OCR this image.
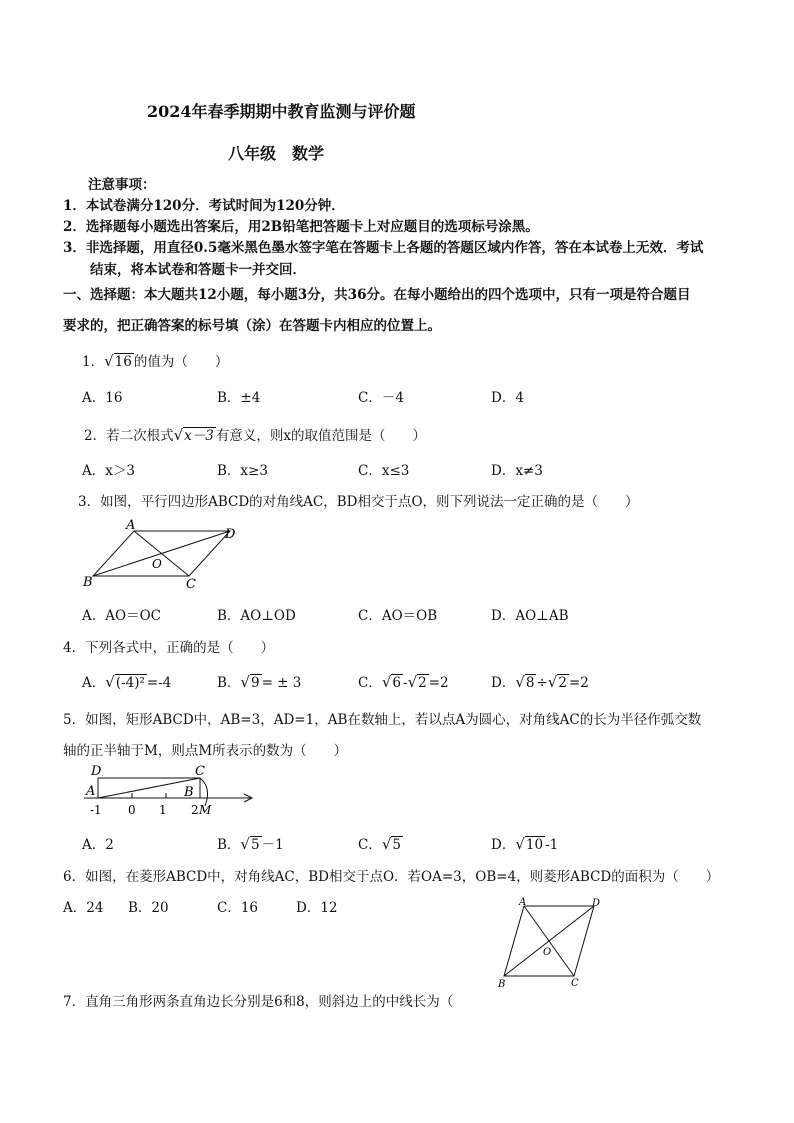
2024年春季期期中教育监测与评价题
八年级　数学
注意事项：
1．本试卷满分120分．考试时间为120分钟．
2．选择题每小题选出答案后，用2B铅笔把答题卡上对应题目的选项标号涂黑。
3．非选择题，用直径0.5毫米黑色墨水签字笔在答题卡上各题的答题区域内作答，答在本试卷上无效．考试
结束，将本试卷和答题卡一并交回．
一、选择题：本大题共12小题，每小题3分，共36分。在每小题给出的四个选项中，只有一项是符合题目
要求的，把正确答案的标号填（涂）在答题卡内相应的位置上。
1．√16 的值为（　　）
A．16	B．±4	C．－4	D．4
2．若二次根式√x－3 有意义，则x的取值范围是（　　）
A．x＞3	B．x≥3	C．x≤3	D．x≠3
3．如图，平行四边形ABCD的对角线AC，BD相交于点O，则下列说法一定正确的是（　　）
A
D
B	C
O
A．AO＝OC	B．AO⊥OD	C．AO＝OB	D．AO⊥AB
4．下列各式中，正确的是（　　）
A．√(-4)² =-4	B．√9 = ± 3	C．√6 -√2 =2	D．√8 ÷√2 =2
5．如图，矩形ABCD中，AB=3，AD=1，AB在数轴上，若以点A为圆心，对角线AC的长为半径作弧交数
轴的正半轴于M，则点M所表示的数为（　　）
D	C
A	B
-1 0 1 2 M
A．2	B．√5 －1	C．√5	D．√10 -1
6．如图，在菱形ABCD中，对角线AC，BD相交于点O．若OA=3，OB=4，则菱形ABCD的面积为（　　）
A．24 B．20	C．16	D．12	A	D
B	C
O
7．直角三角形两条直角边长分别是6和8，则斜边上的中线长为（
